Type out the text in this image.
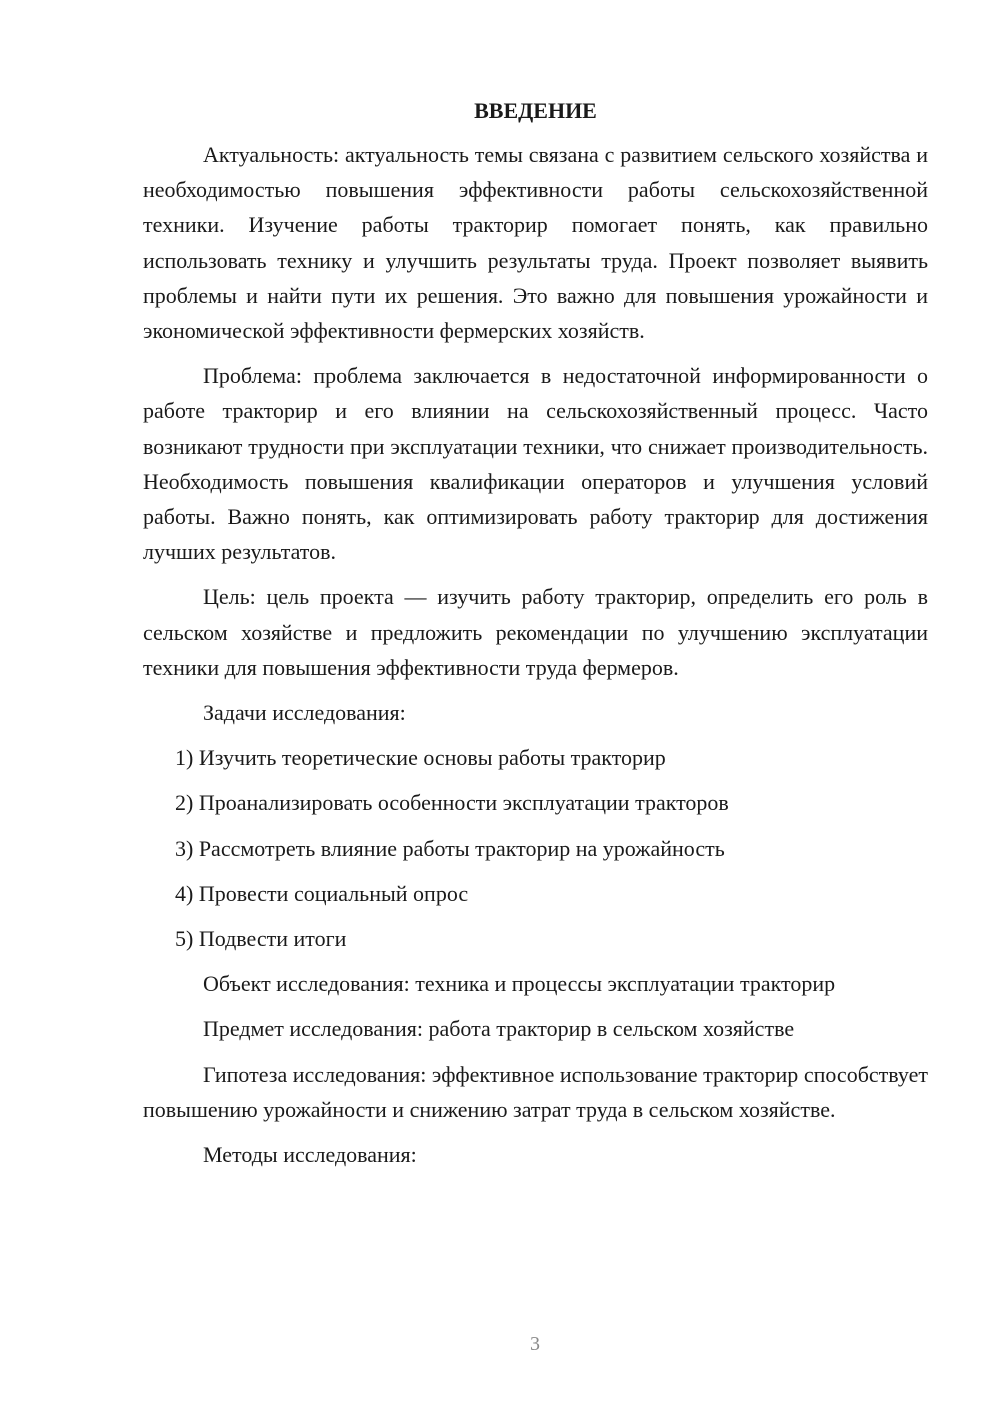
ВВЕДЕНИЕ

Актуальность: актуальность темы связана с развитием сельского хозяйства и необходимостью повышения эффективности работы сельскохозяйственной техники. Изучение работы тракторир помогает понять, как правильно использовать технику и улучшить результаты труда. Проект позволяет выявить проблемы и найти пути их решения. Это важно для повышения урожайности и экономической эффективности фермерских хозяйств.

Проблема: проблема заключается в недостаточной информированности о работе тракторир и его влиянии на сельскохозяйственный процесс. Часто возникают трудности при эксплуатации техники, что снижает производительность. Необходимость повышения квалификации операторов и улучшения условий работы. Важно понять, как оптимизировать работу тракторир для достижения лучших результатов.

Цель: цель проекта — изучить работу тракторир, определить его роль в сельском хозяйстве и предложить рекомендации по улучшению эксплуатации техники для повышения эффективности труда фермеров.

Задачи исследования:
1) Изучить теоретические основы работы тракторир
2) Проанализировать особенности эксплуатации тракторов
3) Рассмотреть влияние работы тракторир на урожайность
4) Провести социальный опрос
5) Подвести итоги
Объект исследования: техника и процессы эксплуатации тракторир
Предмет исследования: работа тракторир в сельском хозяйстве

Гипотеза исследования: эффективное использование тракторир способствует повышению урожайности и снижению затрат труда в сельском хозяйстве.

Методы исследования:
3
